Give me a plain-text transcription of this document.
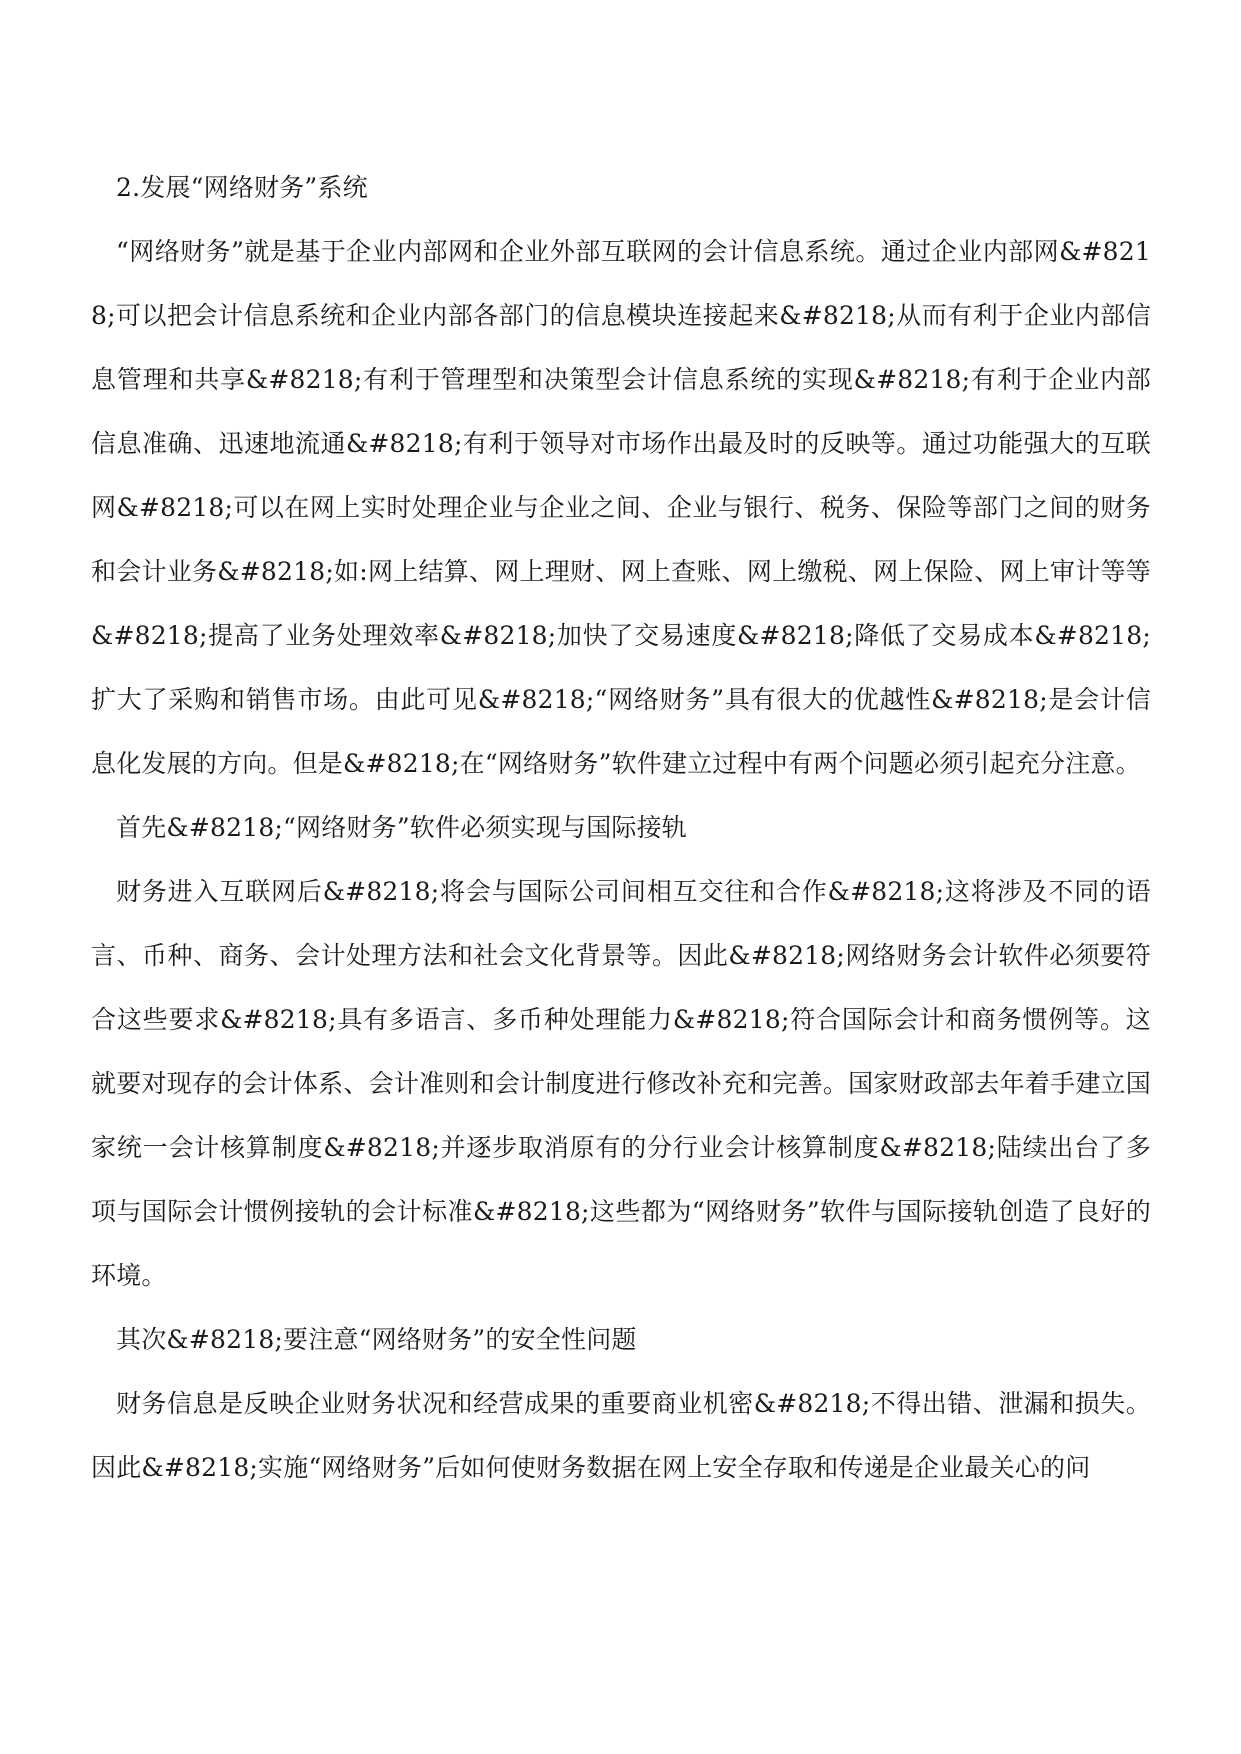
2.发展“网络财务”系统

“网络财务”就是基于企业内部网和企业外部互联网的会计信息系统。通过企业内部网&#8218;可以把会计信息系统和企业内部各部门的信息模块连接起来&#8218;从而有利于企业内部信息管理和共享&#8218;有利于管理型和决策型会计信息系统的实现&#8218;有利于企业内部信息准确、迅速地流通&#8218;有利于领导对市场作出最及时的反映等。通过功能强大的互联网&#8218;可以在网上实时处理企业与企业之间、企业与银行、税务、保险等部门之间的财务和会计业务&#8218;如:网上结算、网上理财、网上查账、网上缴税、网上保险、网上审计等等&#8218;提高了业务处理效率&#8218;加快了交易速度&#8218;降低了交易成本&#8218;扩大了采购和销售市场。由此可见&#8218;“网络财务”具有很大的优越性&#8218;是会计信息化发展的方向。但是&#8218;在“网络财务”软件建立过程中有两个问题必须引起充分注意。

首先&#8218;“网络财务”软件必须实现与国际接轨

财务进入互联网后&#8218;将会与国际公司间相互交往和合作&#8218;这将涉及不同的语言、币种、商务、会计处理方法和社会文化背景等。因此&#8218;网络财务会计软件必须要符合这些要求&#8218;具有多语言、多币种处理能力&#8218;符合国际会计和商务惯例等。这就要对现存的会计体系、会计准则和会计制度进行修改补充和完善。国家财政部去年着手建立国家统一会计核算制度&#8218;并逐步取消原有的分行业会计核算制度&#8218;陆续出台了多项与国际会计惯例接轨的会计标准&#8218;这些都为“网络财务”软件与国际接轨创造了良好的环境。

其次&#8218;要注意“网络财务”的安全性问题

财务信息是反映企业财务状况和经营成果的重要商业机密&#8218;不得出错、泄漏和损失。因此&#8218;实施“网络财务”后如何使财务数据在网上安全存取和传递是企业最关心的问
